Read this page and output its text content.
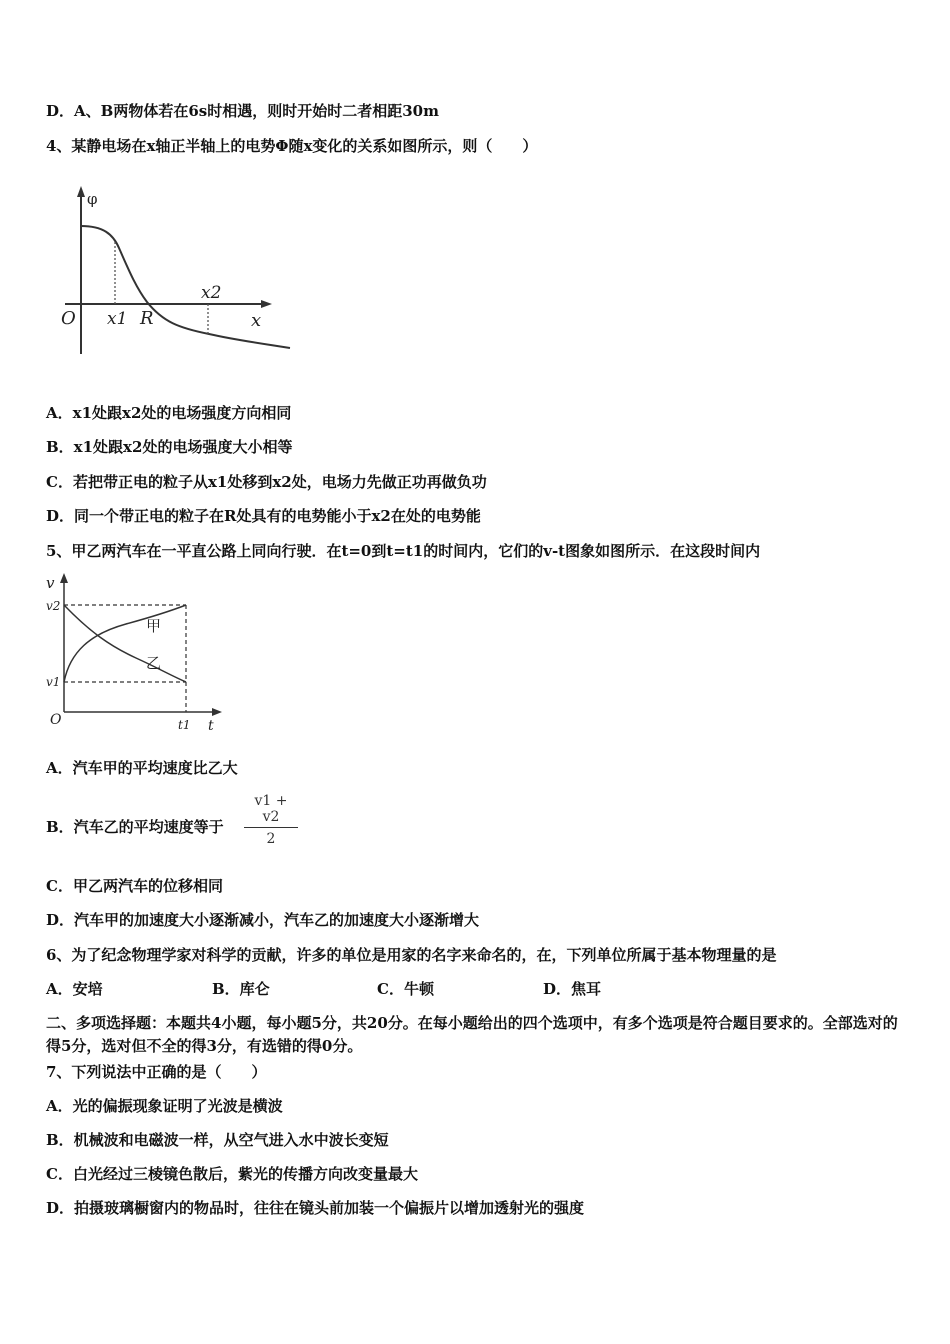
D．A、B两物体若在6s时相遇，则时开始时二者相距30m
4、某静电场在x轴正半轴上的电势Φ随x变化的关系如图所示，则（　　）
φ
O x1 R
x2
x
A．x1处跟x2处的电场强度方向相同
B．x1处跟x2处的电场强度大小相等
C．若把带正电的粒子从x1处移到x2处，电场力先做正功再做负功
D．同一个带正电的粒子在R处具有的电势能小于x2在处的电势能
5、甲乙两汽车在一平直公路上同向行驶．在t=0到t=t1的时间内，它们的v-t图象如图所示．在这段时间内
v
v2
v1
O	t1 t
甲
乙
A．汽车甲的平均速度比乙大
B．汽车乙的平均速度等于 $\frac{v1 + v2}{2}$
C．甲乙两汽车的位移相同
D．汽车甲的加速度大小逐渐减小，汽车乙的加速度大小逐渐增大
6、为了纪念物理学家对科学的贡献，许多的单位是用家的名字来命名的，在，下列单位所属于基本物理量的是
A．安培	B．库仑	C．牛顿	D．焦耳
二、多项选择题：本题共4小题，每小题5分，共20分。在每小题给出的四个选项中，有多个选项是符合题目要求的。全部选对的得5分，选对但不全的得3分，有选错的得0分。
7、下列说法中正确的是（　　）
A．光的偏振现象证明了光波是横波
B．机械波和电磁波一样，从空气进入水中波长变短
C．白光经过三棱镜色散后，紫光的传播方向改变量最大
D．拍摄玻璃橱窗内的物品时，往往在镜头前加装一个偏振片以增加透射光的强度
